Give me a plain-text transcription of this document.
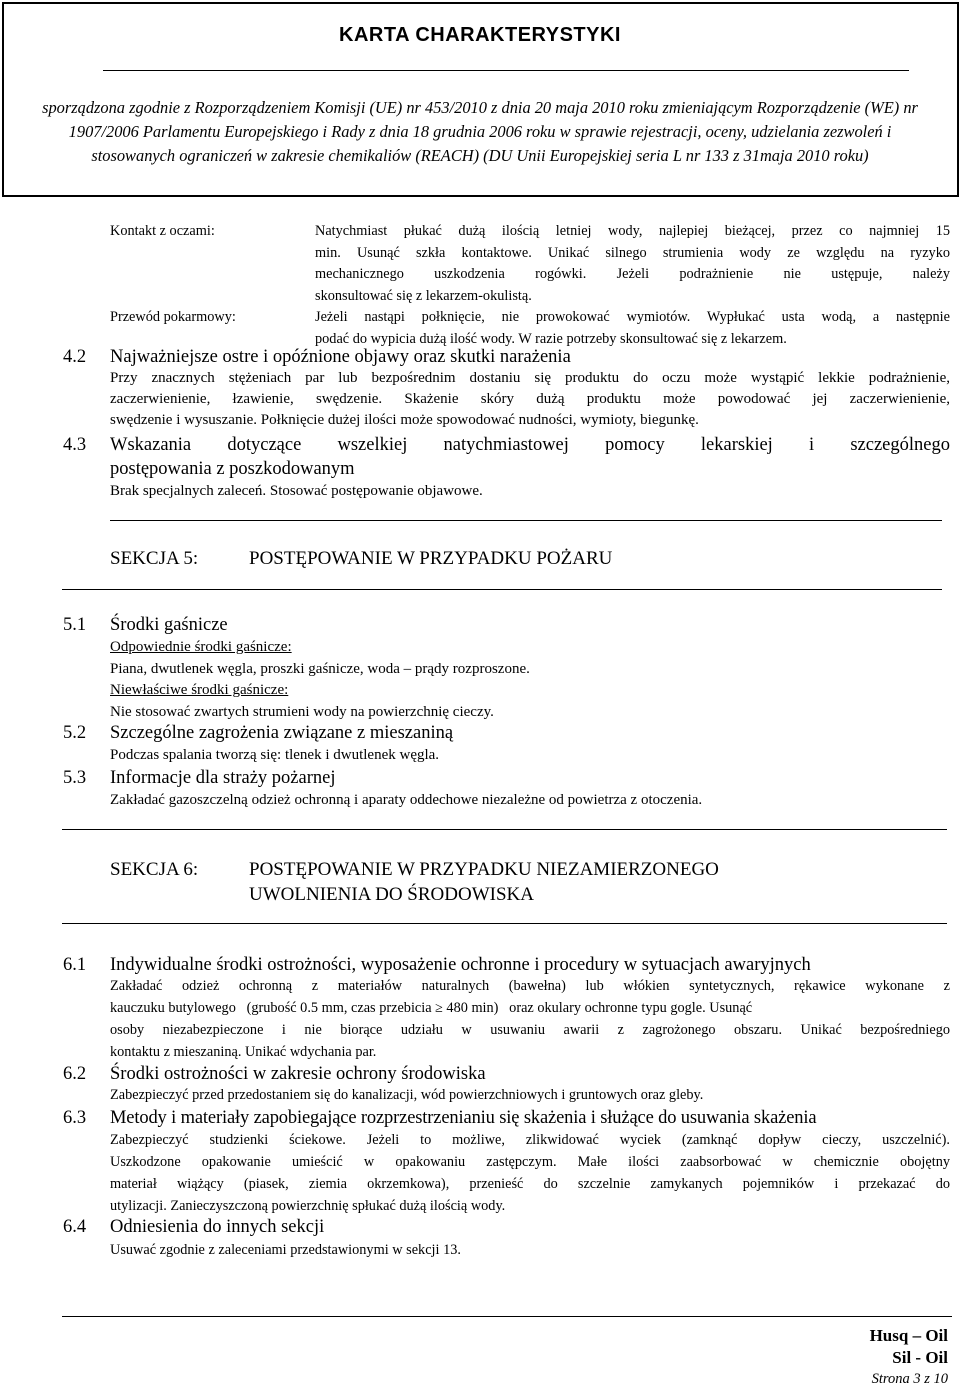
KARTA CHARAKTERYSTYKI
sporządzona zgodnie z Rozporządzeniem Komisji (UE) nr 453/2010 z dnia 20 maja 2010 roku zmieniającym Rozporządzenie (WE) nr 1907/2006 Parlamentu Europejskiego i Rady z dnia 18 grudnia 2006 roku w sprawie rejestracji, oceny, udzielania zezwoleń i stosowanych ograniczeń w zakresie chemikaliów (REACH) (DU Unii Europejskiej seria L nr 133 z 31maja 2010 roku)
Kontakt z oczami:	Natychmiast płukać dużą ilością letniej wody, najlepiej bieżącej, przez co najmniej 15
min. Usunąć szkła kontaktowe. Unikać silnego strumienia wody ze względu na ryzyko
mechanicznego uszkodzenia rogówki. Jeżeli podrażnienie nie ustępuje, należy
skonsultować się z lekarzem-okulistą.
Przewód pokarmowy:	Jeżeli nastąpi połknięcie, nie prowokować wymiotów. Wypłukać usta wodą, a następnie
podać do wypicia dużą ilość wody. W razie potrzeby skonsultować się z lekarzem.
4.2 Najważniejsze ostre i opóźnione objawy oraz skutki narażenia
Przy znacznych stężeniach par lub bezpośrednim dostaniu się produktu do oczu może wystąpić lekkie podrażnienie,
zaczerwienienie, łzawienie, swędzenie. Skażenie skóry dużą produktu może powodować jej zaczerwienienie,
swędzenie i wysuszanie. Połknięcie dużej ilości może spowodować nudności, wymioty, biegunkę.
4.3 Wskazania dotyczące wszelkiej natychmiastowej pomocy lekarskiej i szczególnego
postępowania z poszkodowanym
Brak specjalnych zaleceń. Stosować postępowanie objawowe.
SEKCJA 5:	POSTĘPOWANIE W PRZYPADKU POŻARU
5.1 Środki gaśnicze
Odpowiednie środki gaśnicze:
Piana, dwutlenek węgla, proszki gaśnicze, woda – prądy rozproszone.
Niewłaściwe środki gaśnicze:
Nie stosować zwartych strumieni wody na powierzchnię cieczy.
5.2 Szczególne zagrożenia związane z mieszaniną
Podczas spalania tworzą się: tlenek i dwutlenek węgla.
5.3 Informacje dla straży pożarnej
Zakładać gazoszczelną odzież ochronną i aparaty oddechowe niezależne od powietrza z otoczenia.
SEKCJA 6:	POSTĘPOWANIE W PRZYPADKU NIEZAMIERZONEGO
UWOLNIENIA DO ŚRODOWISKA
6.1 Indywidualne środki ostrożności, wyposażenie ochronne i procedury w sytuacjach awaryjnych
Zakładać odzież ochronną z materiałów naturalnych (bawełna) lub włókien syntetycznych, rękawice wykonane z
kauczuku butylowego   (grubość 0.5 mm, czas przebicia ≥ 480 min)   oraz okulary ochronne typu gogle. Usunąć
osoby niezabezpieczone i nie biorące udziału w usuwaniu awarii z zagrożonego obszaru. Unikać bezpośredniego
kontaktu z mieszaniną. Unikać wdychania par.
6.2 Środki ostrożności w zakresie ochrony środowiska
Zabezpieczyć przed przedostaniem się do kanalizacji, wód powierzchniowych i gruntowych oraz gleby.
6.3 Metody i materiały zapobiegające rozprzestrzenianiu się skażenia i służące do usuwania skażenia
Zabezpieczyć studzienki ściekowe. Jeżeli to możliwe, zlikwidować wyciek (zamknąć dopływ cieczy, uszczelnić).
Uszkodzone opakowanie umieścić w opakowaniu zastępczym. Małe ilości zaabsorbować w chemicznie obojętny
materiał wiążący (piasek, ziemia okrzemkowa), przenieść do szczelnie zamykanych pojemników i przekazać do
utylizacji. Zanieczyszczoną powierzchnię spłukać dużą ilością wody.
6.4 Odniesienia do innych sekcji
Usuwać zgodnie z zaleceniami przedstawionymi w sekcji 13.
Husq – Oil
Sil - Oil
Strona 3 z 10
